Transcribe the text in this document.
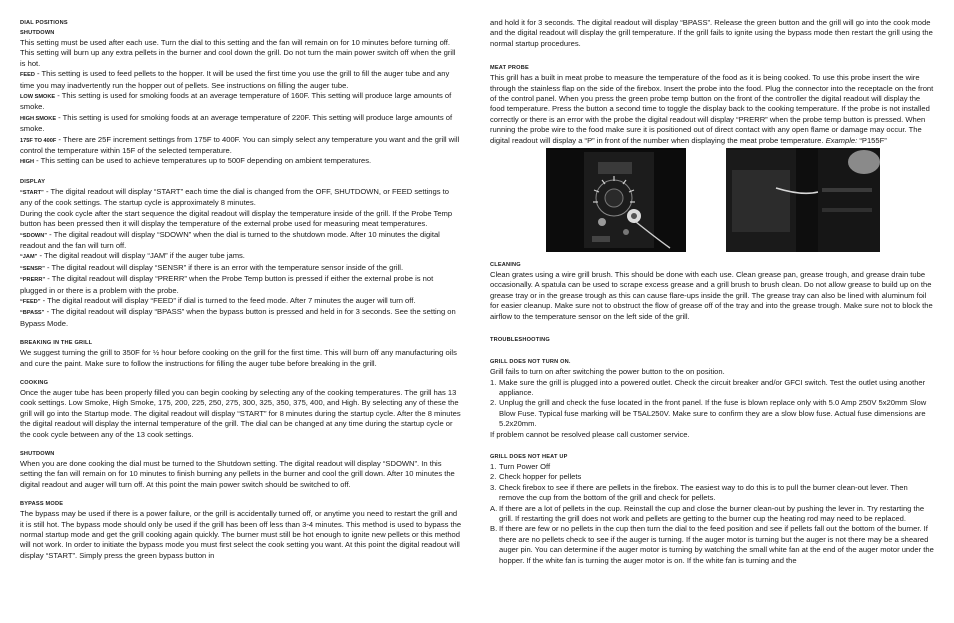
DIAL POSITIONS
SHUTDOWN

This setting must be used after each use. Turn the dial to this setting and the fan will remain on for 10 minutes before turning off. This setting will burn up any extra pellets in the burner and cool down the grill. Do not turn the main power switch off when the grill is hot.

FEED - This setting is used to feed pellets to the hopper. It will be used the first time you use the grill to fill the auger tube and any time you may inadvertently run the hopper out of pellets. See instructions on filling the auger tube.

LOW SMOKE - This setting is used for smoking foods at an average temperature of 160F. This setting will produce large amounts of smoke.

HIGH SMOKE - This setting is used for smoking foods at an average temperature of 220F. This setting will produce large amounts of smoke.

175F TO 400F - There are 25F increment settings from 175F to 400F. You can simply select any temperature you want and the grill will control the temperature within 15F of the selected temperature.

HIGH - This setting can be used to achieve temperatures up to 500F depending on ambient temperatures.

DISPLAY

“START” - The digital readout will display “START” each time the dial is changed from the OFF, SHUTDOWN, or FEED settings to any of the cook settings. The startup cycle is approximately 8 minutes.

During the cook cycle after the start sequence the digital readout will display the temperature inside of the grill. If the Probe Temp button has been pressed then it will display the temperature of the external probe used for measuring meat temperatures.

“SDOWN” - The digital readout will display “SDOWN” when the dial is turned to the shutdown mode. After 10 minutes the digital readout and the fan will turn off.

“JAM” - The digital readout will display “JAM” if the auger tube jams.

“SENSR” - The digital readout will display “SENSR” if there is an error with the temperature sensor inside of the grill.

“PRERR” - The digital readout will display “PRERR” when the Probe Temp button is pressed if either the external probe is not plugged in or there is a problem with the probe.

“FEED” - The digital readout will display “FEED” if dial is turned to the feed mode. After 7 minutes the auger will turn off.

“BPASS” - The digital readout will display “BPASS” when the bypass button is pressed and held in for 3 seconds. See the setting on Bypass Mode.

BREAKING IN THE GRILL

We suggest turning the grill to 350F for ½ hour before cooking on the grill for the first time. This will burn off any manufacturing oils and cure the paint. Make sure to follow the instructions for filling the auger tube before breaking in the grill.

COOKING

Once the auger tube has been properly filled you can begin cooking by selecting any of the cooking temperatures. The grill has 13 cook settings. Low Smoke, High Smoke, 175, 200, 225, 250, 275, 300, 325, 350, 375, 400, and High. By selecting any of these the grill will go into the Startup mode. The digital readout will display “START” for 8 minutes during the startup cycle. After the 8 minutes the digital readout will display the internal temperature of the grill. The dial can be changed at any time during the startup cycle or the cook cycle between any of the 13 cook settings.

SHUTDOWN

When you are done cooking the dial must be turned to the Shutdown setting. The digital readout will display “SDOWN”. In this setting the fan will remain on for 10 minutes to finish burning any pellets in the burner and cool the grill down. After 10 minutes the digital readout and auger will turn off. At this point the main power switch should be switched to off.

BYPASS MODE

The bypass may be used if there is a power failure, or the grill is accidentally turned off, or anytime you need to restart the grill and it is still hot. The bypass mode should only be used if the grill has been off less than 3-4 minutes. This method is used to bypass the normal startup mode and get the grill cooking again quickly. The burner must still be hot enough to ignite new pellets or this method will not work. In order to initiate the bypass mode you must first select the cook setting you want. At this point the digital readout will display “START”. Simply press the green bypass button in

and hold it for 3 seconds. The digital readout will display “BPASS”. Release the green button and the grill will go into the cook mode and the digital readout will display the grill temperature. If the grill fails to ignite using the bypass mode then restart the grill using the normal startup procedures.

MEAT PROBE

This grill has a built in meat probe to measure the temperature of the food as it is being cooked. To use this probe insert the wire through the stainless flap on the side of the firebox. Insert the probe into the food. Plug the connector into the receptacle on the front of the control panel. When you press the green probe temp button on the front of the controller the digital readout will display the food temperature. Press the button a second time to toggle the display back to the cooking temperature. If the probe is not installed correctly or there is an error with the probe the digital readout will display “PRERR” when the probe temp button is pressed. When running the probe wire to the food make sure it is positioned out of direct contact with any open flame or damage may occur. The digital readout will display a “P” in front of the number when displaying the meat probe temperature. Example: “P155F”

CLEANING

Clean grates using a wire grill brush. This should be done with each use. Clean grease pan, grease trough, and grease drain tube occasionally. A spatula can be used to scrape excess grease and a grill brush to brush clean. Do not allow grease to build up on the grease tray or in the grease trough as this can cause flare-ups inside the grill. The grease tray can also be lined with aluminum foil for easier cleanup. Make sure not to obstruct the flow of grease off of the tray and into the grease trough. Make sure not to block the airflow to the temperature sensor on the left side of the grill.

TROUBLESHOOTING
GRILL DOES NOT TURN ON.

Grill fails to turn on after switching the power button to the on position.

1. Make sure the grill is plugged into a powered outlet. Check the circuit breaker and/or GFCI switch. Test the outlet using another appliance.
2. Unplug the grill and check the fuse located in the front panel. If the fuse is blown replace only with 5.0 Amp 250V 5x20mm Slow Blow Fuse. Typical fuse marking will be T5AL250V. Make sure to confirm they are a slow blow fuse. Actual fuse dimensions are 5.2x20mm.

If problem cannot be resolved please call customer service.

GRILL DOES NOT HEAT UP
1. Turn Power Off
2. Check hopper for pellets
3. Check firebox to see if there are pellets in the firebox. The easiest way to do this is to pull the burner clean-out lever. Then remove the cup from the bottom of the grill and check for pellets.
A. If there are a lot of pellets in the cup. Reinstall the cup and close the burner clean-out by pushing the lever in. Try restarting the grill. If restarting the grill does not work and pellets are getting to the burner cup the heating rod may need to be replaced.
B. If there are few or no pellets in the cup then turn the dial to the feed position and see if pellets fall out the bottom of the burner. If there are no pellets check to see if the auger is turning. If the auger motor is turning but the auger is not there may be a sheared auger pin. You can determine if the auger motor is turning by watching the small white fan at the end of the auger motor under the hopper. If the white fan is turning the auger motor is on. If the white fan is turning and the
